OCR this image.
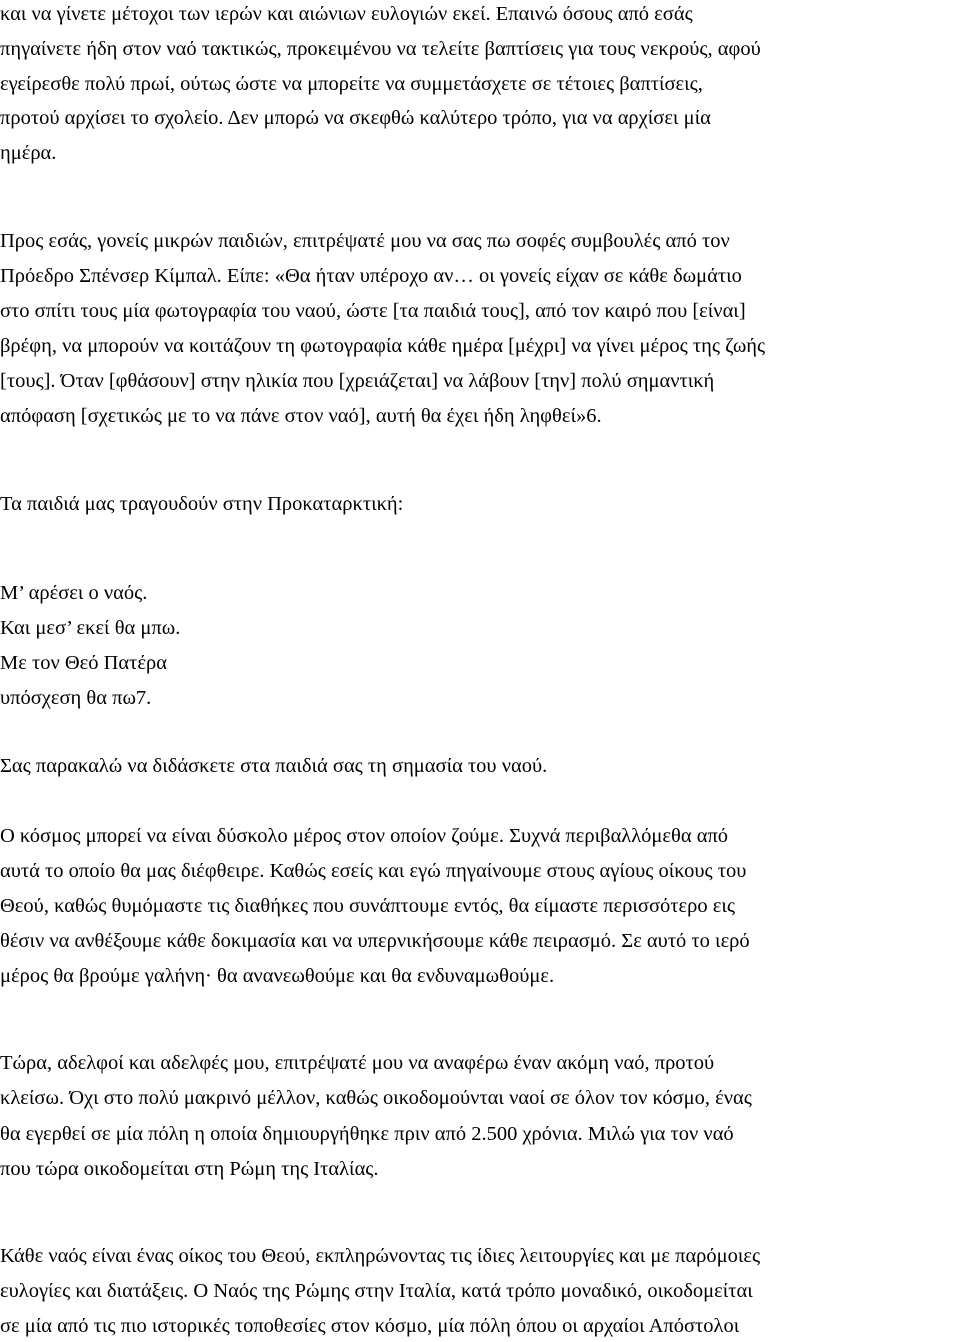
και να γίνετε μέτοχοι των ιερών και αιώνιων ευλογιών εκεί. Επαινώ όσους από εσάς
πηγαίνετε ήδη στον ναό τακτικώς, προκειμένου να τελείτε βαπτίσεις για τους νεκρούς, αφού
εγείρεσθε πολύ πρωί, ούτως ώστε να μπορείτε να συμμετάσχετε σε τέτοιες βαπτίσεις,
προτού αρχίσει το σχολείο. Δεν μπορώ να σκεφθώ καλύτερο τρόπο, για να αρχίσει μία
ημέρα.
Προς εσάς, γονείς μικρών παιδιών, επιτρέψατέ μου να σας πω σοφές συμβουλές από τον
Πρόεδρο Σπένσερ Κίμπαλ. Είπε: «Θα ήταν υπέροχο αν… οι γονείς είχαν σε κάθε δωμάτιο
στο σπίτι τους μία φωτογραφία του ναού, ώστε [τα παιδιά τους], από τον καιρό που [είναι]
βρέφη, να μπορούν να κοιτάζουν τη φωτογραφία κάθε ημέρα [μέχρι] να γίνει μέρος της ζωής
[τους]. Όταν [φθάσουν] στην ηλικία που [χρειάζεται] να λάβουν [την] πολύ σημαντική
απόφαση [σχετικώς με το να πάνε στον ναό], αυτή θα έχει ήδη ληφθεί»6.
Τα παιδιά μας τραγουδούν στην Προκαταρκτική:
Μ’ αρέσει ο ναός.
Και μεσ’ εκεί θα μπω.
Με τον Θεό Πατέρα
υπόσχεση θα πω7.
Σας παρακαλώ να διδάσκετε στα παιδιά σας τη σημασία του ναού.
Ο κόσμος μπορεί να είναι δύσκολο μέρος στον οποίον ζούμε. Συχνά περιβαλλόμεθα από
αυτά το οποίο θα μας διέφθειρε. Καθώς εσείς και εγώ πηγαίνουμε στους αγίους οίκους του
Θεού, καθώς θυμόμαστε τις διαθήκες που συνάπτουμε εντός, θα είμαστε περισσότερο εις
θέσιν να ανθέξουμε κάθε δοκιμασία και να υπερνικήσουμε κάθε πειρασμό. Σε αυτό το ιερό
μέρος θα βρούμε γαλήνη· θα ανανεωθούμε και θα ενδυναμωθούμε.
Τώρα, αδελφοί και αδελφές μου, επιτρέψατέ μου να αναφέρω έναν ακόμη ναό, προτού
κλείσω. Όχι στο πολύ μακρινό μέλλον, καθώς οικοδομούνται ναοί σε όλον τον κόσμο, ένας
θα εγερθεί σε μία πόλη η οποία δημιουργήθηκε πριν από 2.500 χρόνια. Μιλώ για τον ναό
που τώρα οικοδομείται στη Ρώμη της Ιταλίας.
Κάθε ναός είναι ένας οίκος του Θεού, εκπληρώνοντας τις ίδιες λειτουργίες και με παρόμοιες
ευλογίες και διατάξεις. Ο Ναός της Ρώμης στην Ιταλία, κατά τρόπο μοναδικό, οικοδομείται
σε μία από τις πιο ιστορικές τοποθεσίες στον κόσμο, μία πόλη όπου οι αρχαίοι Απόστολοι
